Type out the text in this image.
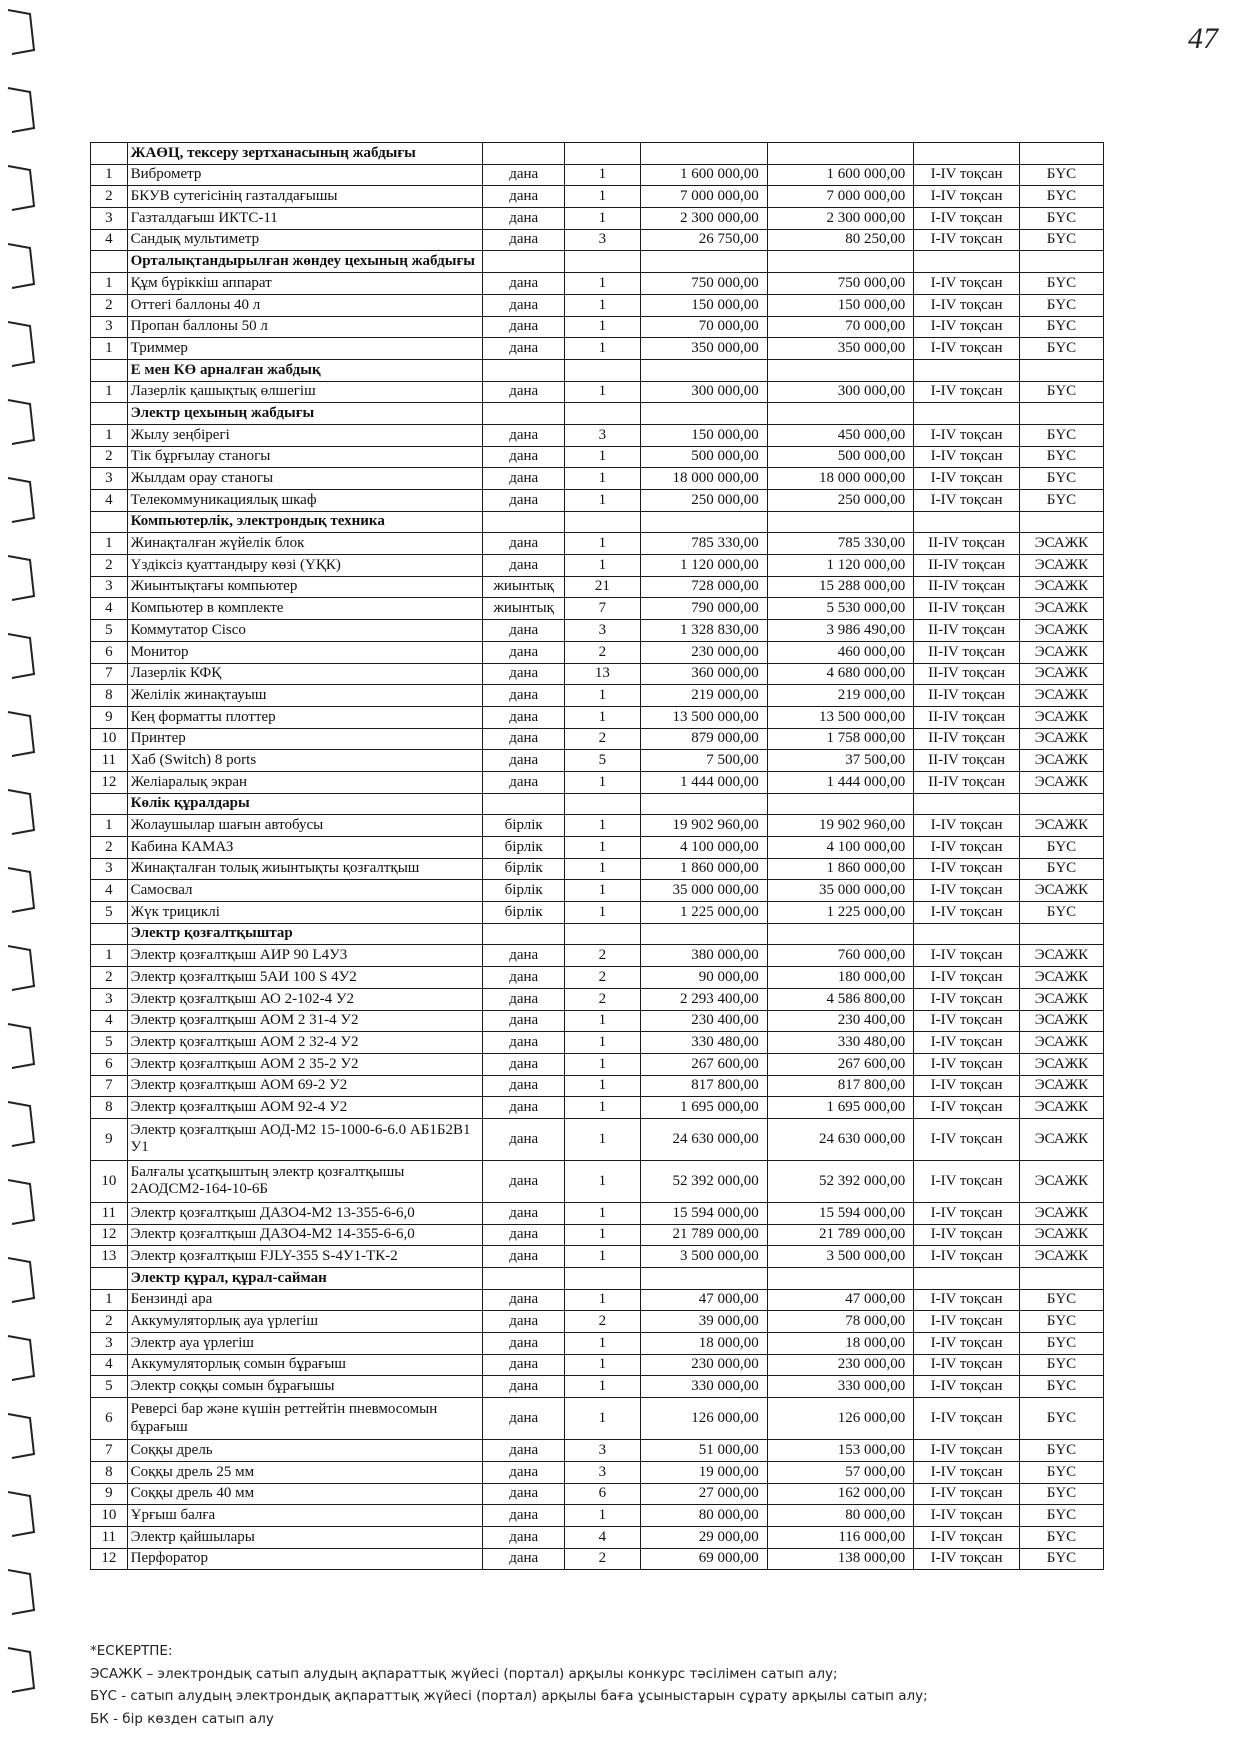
47
	ЖАӨЦ, тексеру зертханасының жабдығы						
1	Виброметр	дана	1	1 600 000,00	1 600 000,00	I-IV тоқсан	БҮС
2	БКУВ сутегісінің газталдағышы	дана	1	7 000 000,00	7 000 000,00	I-IV тоқсан	БҮС
3	Газталдағыш ИКТС-11	дана	1	2 300 000,00	2 300 000,00	I-IV тоқсан	БҮС
4	Сандық мультиметр	дана	3	26 750,00	80 250,00	I-IV тоқсан	БҮС
	Орталықтандырылған жөндеу цехының жабдығы						
1	Құм бүріккіш аппарат	дана	1	750 000,00	750 000,00	I-IV тоқсан	БҮС
2	Оттегі баллоны 40 л	дана	1	150 000,00	150 000,00	I-IV тоқсан	БҮС
3	Пропан баллоны 50 л	дана	1	70 000,00	70 000,00	I-IV тоқсан	БҮС
1	Триммер	дана	1	350 000,00	350 000,00	I-IV тоқсан	БҮС
	Е мен КӨ арналған жабдық						
1	Лазерлік қашықтық өлшегіш	дана	1	300 000,00	300 000,00	I-IV тоқсан	БҮС
	Электр цехының жабдығы						
1	Жылу зеңбірегі	дана	3	150 000,00	450 000,00	I-IV тоқсан	БҮС
2	Тік бұрғылау станогы	дана	1	500 000,00	500 000,00	I-IV тоқсан	БҮС
3	Жылдам орау станогы	дана	1	18 000 000,00	18 000 000,00	I-IV тоқсан	БҮС
4	Телекоммуникациялық шкаф	дана	1	250 000,00	250 000,00	I-IV тоқсан	БҮС
	Компьютерлік, электрондық техника						
1	Жинақталған жүйелік блок	дана	1	785 330,00	785 330,00	II-IV тоқсан	ЭСАЖК
2	Үздіксіз қуаттандыру көзі (ҮҚК)	дана	1	1 120 000,00	1 120 000,00	II-IV тоқсан	ЭСАЖК
3	Жиынтықтағы компьютер	жиынтық	21	728 000,00	15 288 000,00	II-IV тоқсан	ЭСАЖК
4	Компьютер в комплекте	жиынтық	7	790 000,00	5 530 000,00	II-IV тоқсан	ЭСАЖК
5	Коммутатор Cisco	дана	3	1 328 830,00	3 986 490,00	II-IV тоқсан	ЭСАЖК
6	Монитор	дана	2	230 000,00	460 000,00	II-IV тоқсан	ЭСАЖК
7	Лазерлік КФҚ	дана	13	360 000,00	4 680 000,00	II-IV тоқсан	ЭСАЖК
8	Желілік жинақтауыш	дана	1	219 000,00	219 000,00	II-IV тоқсан	ЭСАЖК
9	Кең форматты плоттер	дана	1	13 500 000,00	13 500 000,00	II-IV тоқсан	ЭСАЖК
10	Принтер	дана	2	879 000,00	1 758 000,00	II-IV тоқсан	ЭСАЖК
11	Хаб (Switch) 8 ports	дана	5	7 500,00	37 500,00	II-IV тоқсан	ЭСАЖК
12	Желіаралық экран	дана	1	1 444 000,00	1 444 000,00	II-IV тоқсан	ЭСАЖК
	Көлік құралдары						
1	Жолаушылар шағын автобусы	бірлік	1	19 902 960,00	19 902 960,00	I-IV тоқсан	ЭСАЖК
2	Кабина КАМАЗ	бірлік	1	4 100 000,00	4 100 000,00	I-IV тоқсан	БҮС
3	Жинақталған толық жиынтықты қозғалтқыш	бірлік	1	1 860 000,00	1 860 000,00	I-IV тоқсан	БҮС
4	Самосвал	бірлік	1	35 000 000,00	35 000 000,00	I-IV тоқсан	ЭСАЖК
5	Жүк трициклі	бірлік	1	1 225 000,00	1 225 000,00	I-IV тоқсан	БҮС
	Электр қозғалтқыштар						
1	Электр қозғалтқыш АИР 90 L4У3	дана	2	380 000,00	760 000,00	I-IV тоқсан	ЭСАЖК
2	Электр қозғалтқыш 5АИ 100 S 4У2	дана	2	90 000,00	180 000,00	I-IV тоқсан	ЭСАЖК
3	Электр қозғалтқыш АО 2-102-4 У2	дана	2	2 293 400,00	4 586 800,00	I-IV тоқсан	ЭСАЖК
4	Электр қозғалтқыш АОМ 2 31-4 У2	дана	1	230 400,00	230 400,00	I-IV тоқсан	ЭСАЖК
5	Электр қозғалтқыш АОМ 2 32-4 У2	дана	1	330 480,00	330 480,00	I-IV тоқсан	ЭСАЖК
6	Электр қозғалтқыш АОМ 2 35-2 У2	дана	1	267 600,00	267 600,00	I-IV тоқсан	ЭСАЖК
7	Электр қозғалтқыш АОМ 69-2 У2	дана	1	817 800,00	817 800,00	I-IV тоқсан	ЭСАЖК
8	Электр қозғалтқыш АОМ 92-4 У2	дана	1	1 695 000,00	1 695 000,00	I-IV тоқсан	ЭСАЖК
9	Электр қозғалтқыш АОД-М2 15-1000-6-6.0 АБ1Б2В1 У1	дана	1	24 630 000,00	24 630 000,00	I-IV тоқсан	ЭСАЖК
10	Балғалы ұсатқыштың электр қозғалтқышы 2АОДСМ2-164-10-6Б	дана	1	52 392 000,00	52 392 000,00	I-IV тоқсан	ЭСАЖК
11	Электр қозғалтқыш ДАЗО4-М2 13-355-6-6,0	дана	1	15 594 000,00	15 594 000,00	I-IV тоқсан	ЭСАЖК
12	Электр қозғалтқыш ДАЗО4-М2 14-355-6-6,0	дана	1	21 789 000,00	21 789 000,00	I-IV тоқсан	ЭСАЖК
13	Электр қозғалтқыш FJLY-355 S-4У1-ТК-2	дана	1	3 500 000,00	3 500 000,00	I-IV тоқсан	ЭСАЖК
	Электр құрал, құрал-сайман						
1	Бензинді ара	дана	1	47 000,00	47 000,00	I-IV тоқсан	БҮС
2	Аккумуляторлық ауа үрлегіш	дана	2	39 000,00	78 000,00	I-IV тоқсан	БҮС
3	Электр ауа үрлегіш	дана	1	18 000,00	18 000,00	I-IV тоқсан	БҮС
4	Аккумуляторлық сомын бұрағыш	дана	1	230 000,00	230 000,00	I-IV тоқсан	БҮС
5	Электр соққы сомын бұрағышы	дана	1	330 000,00	330 000,00	I-IV тоқсан	БҮС
6	Реверсі бар және күшін реттейтін пневмосомын бұрағыш	дана	1	126 000,00	126 000,00	I-IV тоқсан	БҮС
7	Соққы дрель	дана	3	51 000,00	153 000,00	I-IV тоқсан	БҮС
8	Соққы дрель 25 мм	дана	3	19 000,00	57 000,00	I-IV тоқсан	БҮС
9	Соққы дрель 40 мм	дана	6	27 000,00	162 000,00	I-IV тоқсан	БҮС
10	Ұрғыш балға	дана	1	80 000,00	80 000,00	I-IV тоқсан	БҮС
11	Электр қайшылары	дана	4	29 000,00	116 000,00	I-IV тоқсан	БҮС
12	Перфоратор	дана	2	69 000,00	138 000,00	I-IV тоқсан	БҮС
*ЕСКЕРТПЕ:
ЭСАЖК – электрондық сатып алудың ақпараттық жүйесі (портал) арқылы конкурс тәсілімен сатып алу;
БҮС - сатып алудың электрондық ақпараттық жүйесі (портал) арқылы баға ұсыныстарын сұрату арқылы сатып алу;
БК - бір көзден сатып алу
